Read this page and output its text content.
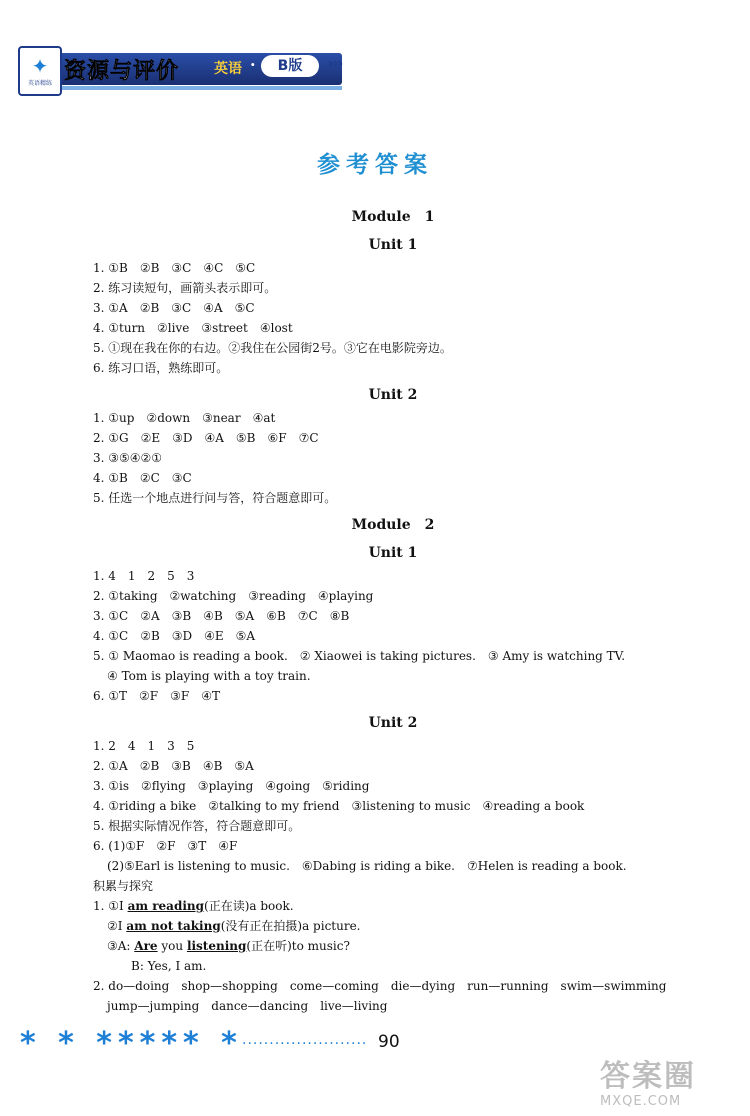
✦
英语精练 资源与评价 英语 ·	B版	›››
参考答案
Module　1
Unit 1
1. ①B　②B　③C　④C　⑤C
2. 练习读短句，画箭头表示即可。
3. ①A　②B　③C　④A　⑤C
4. ①turn　②live　③street　④lost
5. ①现在我在你的右边。②我住在公园街2号。③它在电影院旁边。
6. 练习口语，熟练即可。
Unit 2
1. ①up　②down　③near　④at
2. ①G　②E　③D　④A　⑤B　⑥F　⑦C
3. ③⑤④②①
4. ①B　②C　③C
5. 任选一个地点进行问与答，符合题意即可。
Module　2
Unit 1
1. 4　1　2　5　3
2. ①taking　②watching　③reading　④playing
3. ①C　②A　③B　④B　⑤A　⑥B　⑦C　⑧B
4. ①C　②B　③D　④E　⑤A
5. ① Maomao is reading a book.　② Xiaowei is taking pictures.　③ Amy is watching TV.
④ Tom is playing with a toy train.
6. ①T　②F　③F　④T
Unit 2
1. 2　4　1　3　5
2. ①A　②B　③B　④B　⑤A
3. ①is　②flying　③playing　④going　⑤riding
4. ①riding a bike　②talking to my friend　③listening to music　④reading a book
5. 根据实际情况作答，符合题意即可。
6. (1)①F　②F　③T　④F
(2)⑤Earl is listening to music.　⑥Dabing is riding a bike.　⑦Helen is reading a book.
积累与探究
1. ①I am reading(正在读)a book.
②I am not taking(没有正在拍摄)a picture.
③A: Are you listening(正在听)to music?
B: Yes, I am.
2. do—doing　shop—shopping　come—coming　die—dying　run—running　swim—swimming
jump—jumping　dance—dancing　live—living
* * ***** * ······················· 90
答案圈
MXQE.COM
